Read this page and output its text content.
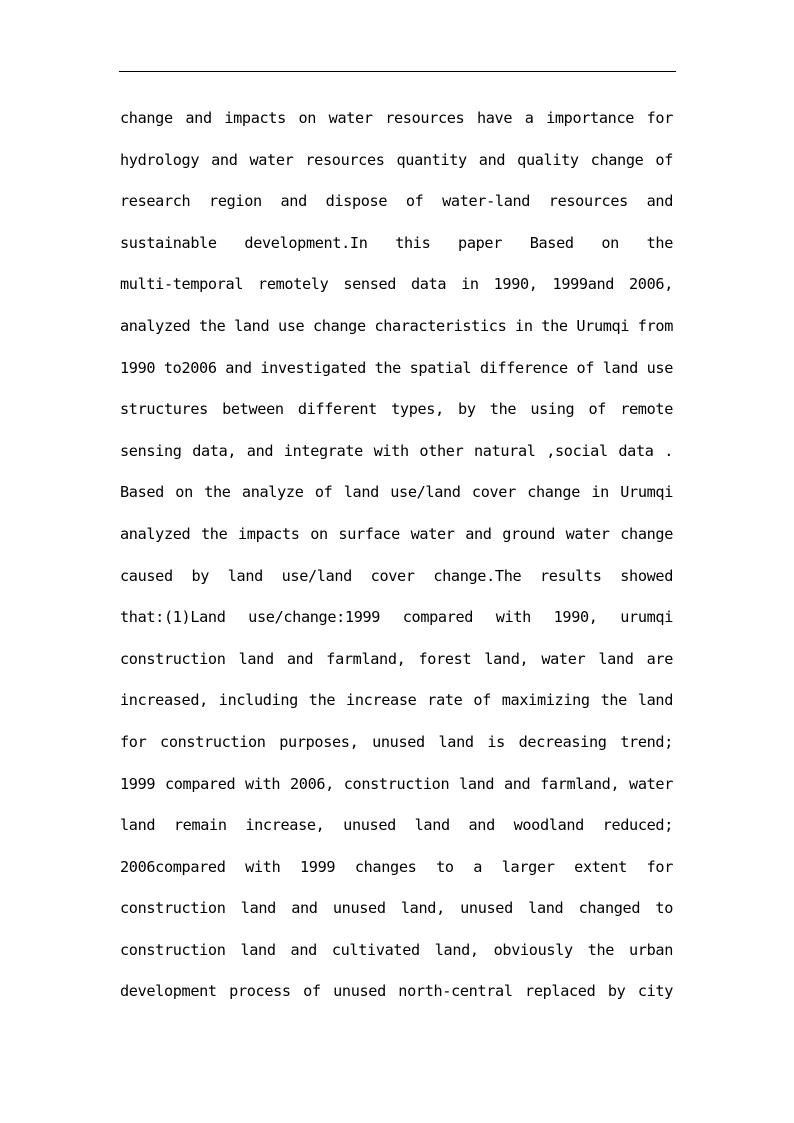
change and impacts on water resources have a importance for
hydrology and water resources quantity and quality change of
research region and dispose of water-land resources and
sustainable development.In this paper Based on the
multi-temporal remotely sensed data in 1990, 1999and 2006,
analyzed the land use change characteristics in the Urumqi from
1990 to2006 and investigated the spatial difference of land use
structures between different types, by the using of remote
sensing data, and integrate with other natural ,social data .
Based on the analyze of land use/land cover change in Urumqi
analyzed the impacts on surface water and ground water change
caused by land use/land cover change.The results showed
that:(1)Land use/change:1999 compared with 1990, urumqi
construction land and farmland, forest land, water land are
increased, including the increase rate of maximizing the land
for construction purposes, unused land is decreasing trend;
1999 compared with 2006, construction land and farmland, water
land remain increase, unused land and woodland reduced;
2006compared with 1999 changes to a larger extent for
construction land and unused land, unused land changed to
construction land and cultivated land, obviously the urban
development process of unused north-central replaced by city
